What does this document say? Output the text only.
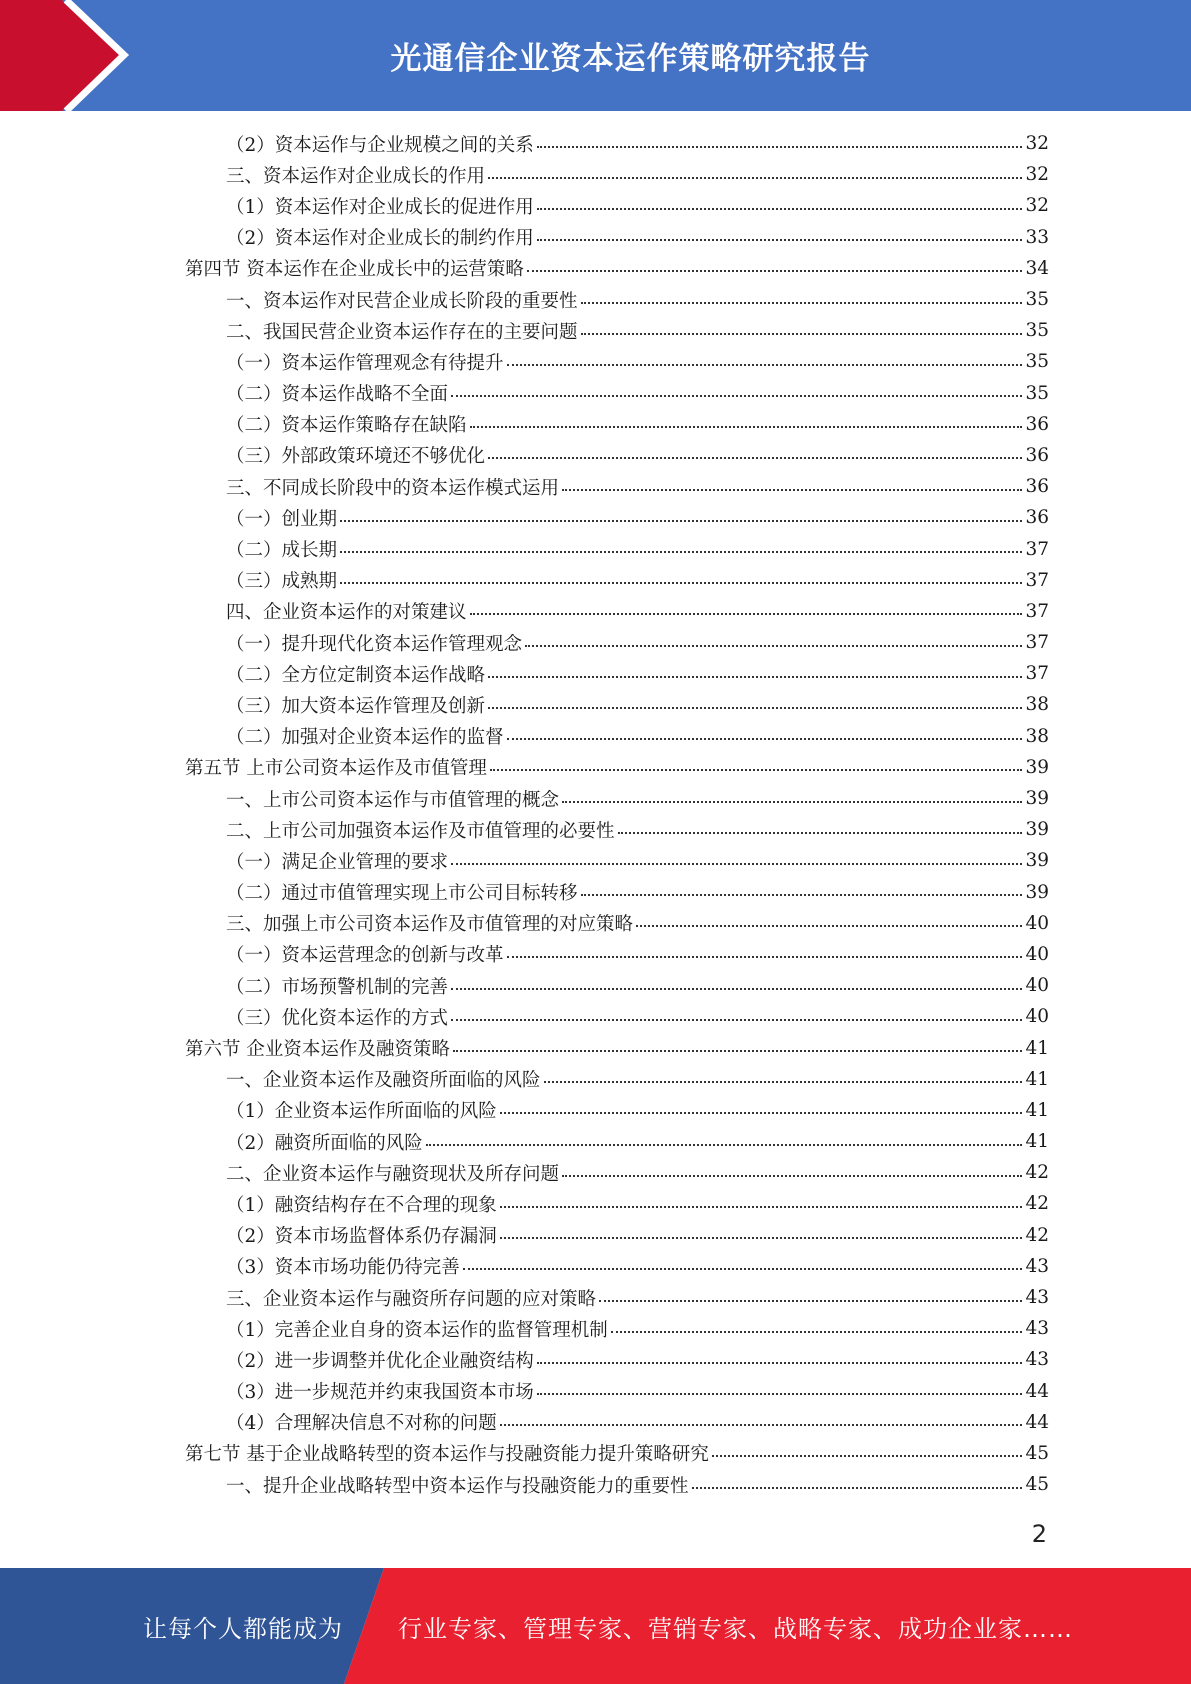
光通信企业资本运作策略研究报告
（2）资本运作与企业规模之间的关系	32
三、资本运作对企业成长的作用	32
（1）资本运作对企业成长的促进作用	32
（2）资本运作对企业成长的制约作用	33
第四节 资本运作在企业成长中的运营策略	34
一、资本运作对民营企业成长阶段的重要性	35
二、我国民营企业资本运作存在的主要问题	35
（一）资本运作管理观念有待提升	35
（二）资本运作战略不全面	35
（二）资本运作策略存在缺陷	36
（三）外部政策环境还不够优化	36
三、不同成长阶段中的资本运作模式运用	36
（一）创业期	36
（二）成长期	37
（三）成熟期	37
四、企业资本运作的对策建议	37
（一）提升现代化资本运作管理观念	37
（二）全方位定制资本运作战略	37
（三）加大资本运作管理及创新	38
（二）加强对企业资本运作的监督	38
第五节 上市公司资本运作及市值管理	39
一、上市公司资本运作与市值管理的概念	39
二、上市公司加强资本运作及市值管理的必要性	39
（一）满足企业管理的要求	39
（二）通过市值管理实现上市公司目标转移	39
三、加强上市公司资本运作及市值管理的对应策略	40
（一）资本运营理念的创新与改革	40
（二）市场预警机制的完善	40
（三）优化资本运作的方式	40
第六节 企业资本运作及融资策略	41
一、企业资本运作及融资所面临的风险	41
（1）企业资本运作所面临的风险	41
（2）融资所面临的风险	41
二、企业资本运作与融资现状及所存问题	42
（1）融资结构存在不合理的现象	42
（2）资本市场监督体系仍存漏洞	42
（3）资本市场功能仍待完善	43
三、企业资本运作与融资所存问题的应对策略	43
（1）完善企业自身的资本运作的监督管理机制	43
（2）进一步调整并优化企业融资结构	43
（3）进一步规范并约束我国资本市场	44
（4）合理解决信息不对称的问题	44
第七节 基于企业战略转型的资本运作与投融资能力提升策略研究	45
一、提升企业战略转型中资本运作与投融资能力的重要性	45
2
让每个人都能成为 行业专家、管理专家、营销专家、战略专家、成功企业家……
